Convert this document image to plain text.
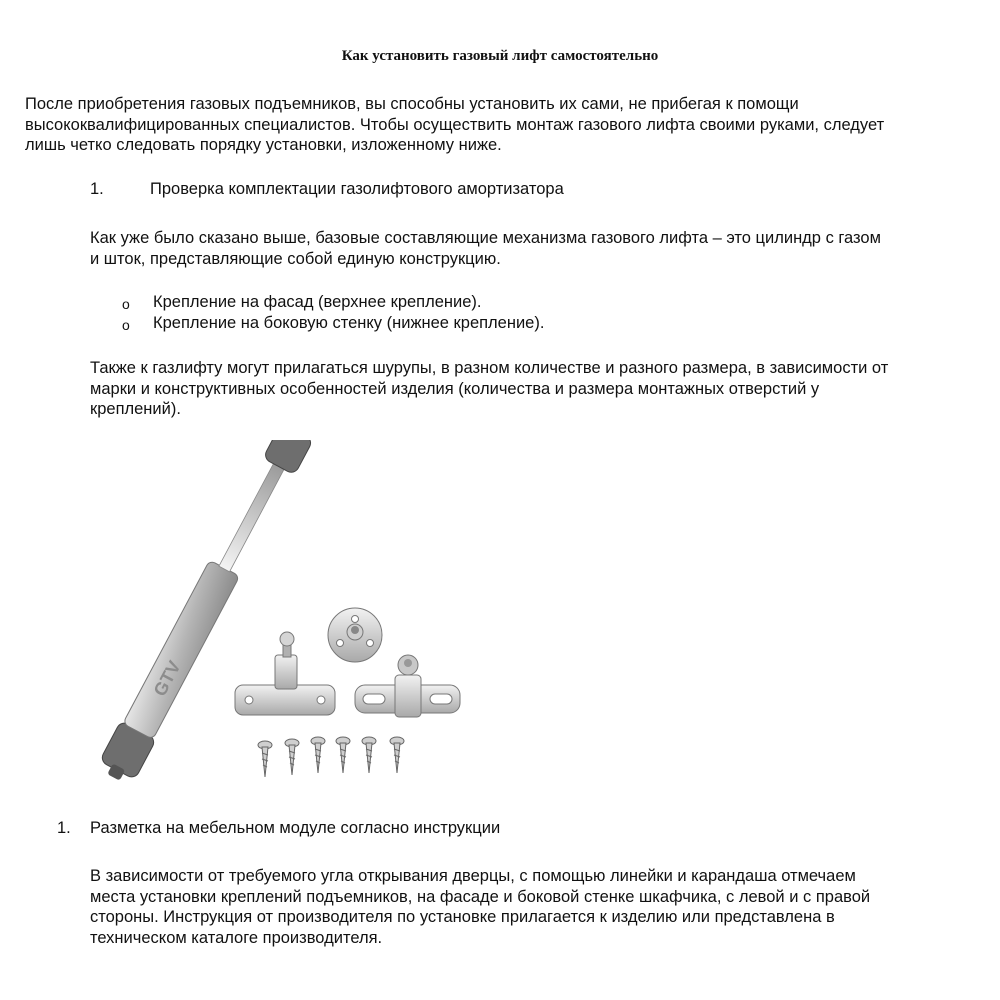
Как установить газовый лифт самостоятельно
После приобретения газовых подъемников, вы способны установить их сами, не прибегая к помощи
высококвалифицированных специалистов. Чтобы осуществить монтаж газового лифта своими руками, следует
лишь четко следовать порядку установки, изложенному ниже.
1.	Проверка комплектации газолифтового амортизатора
Как уже было сказано выше, базовые составляющие механизма газового лифта – это цилиндр с газом
и шток, представляющие собой единую конструкцию.
o Крепление на фасад (верхнее крепление).
o Крепление на боковую стенку (нижнее крепление).
Также к газлифту могут прилагаться шурупы, в разном количестве и разного размера, в зависимости от
марки и конструктивных особенностей изделия (количества и размера монтажных отверстий у
креплений).
GTV
1. Разметка на мебельном модуле согласно инструкции
В зависимости от требуемого угла открывания дверцы, с помощью линейки и карандаша отмечаем
места установки креплений подъемников, на фасаде и боковой стенке шкафчика, с левой и с правой
стороны. Инструкция от производителя по установке прилагается к изделию или представлена в
техническом каталоге производителя.
